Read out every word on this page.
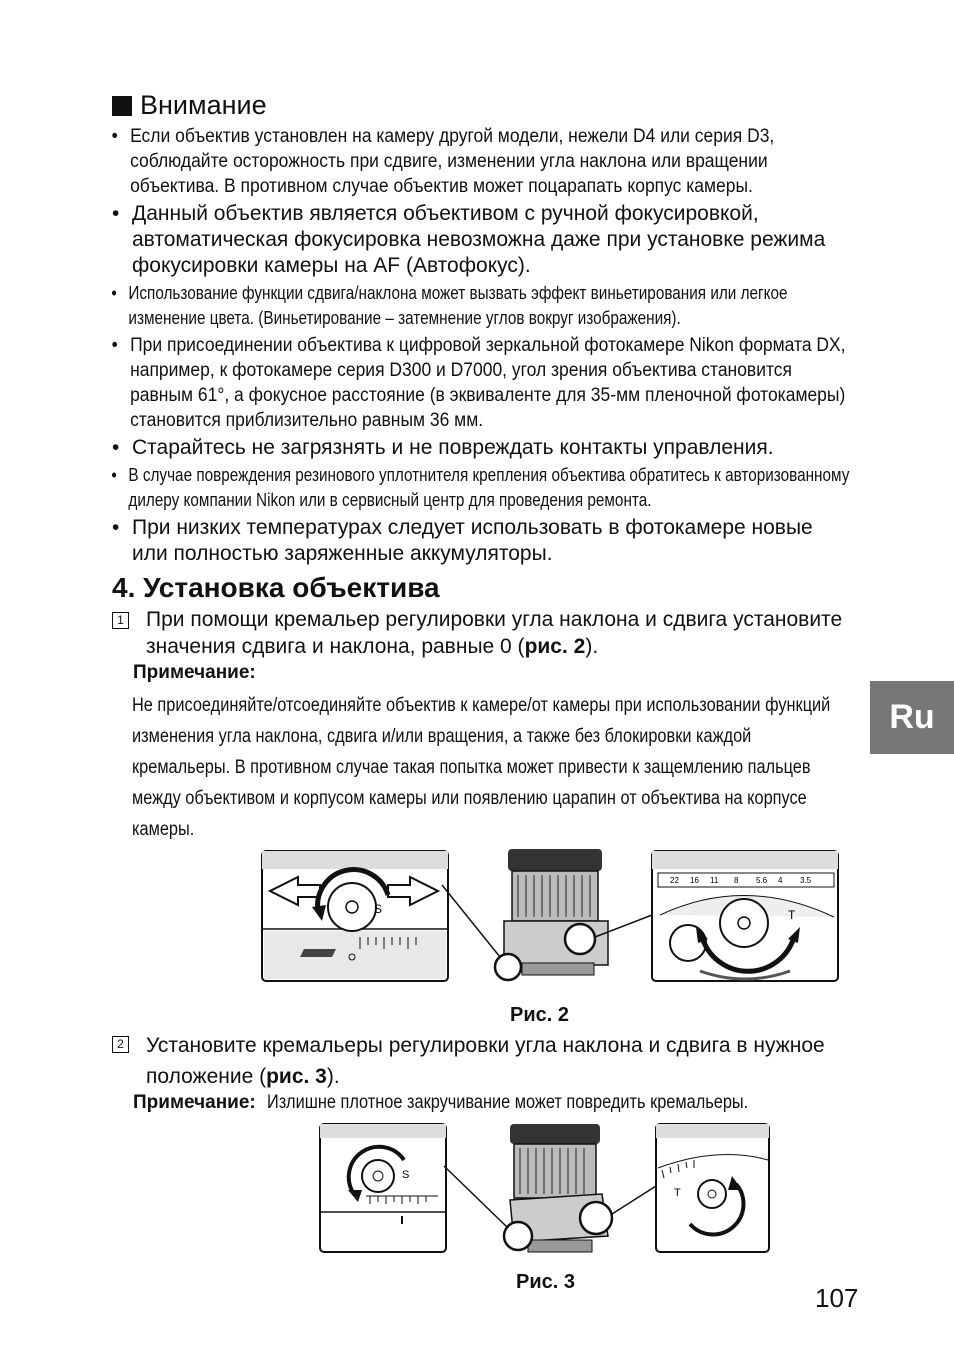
Внимание
• Если объектив установлен на камеру другой модели, нежели D4 или серия D3, соблюдайте осторожность при сдвиге, изменении угла наклона или вращении объектива. В противном случае объектив может поцарапать корпус камеры.
• Данный объектив является объективом с ручной фокусировкой, автоматическая фокусировка невозможна даже при установке режима фокусировки камеры на AF (Автофокус).
• Использование функции сдвига/наклона может вызвать эффект виньетирования или легкое изменение цвета. (Виньетирование – затемнение углов вокруг изображения).
• При присоединении объектива к цифровой зеркальной фотокамере Nikon формата DX, например, к фотокамере серия D300 и D7000, угол зрения объектива становится равным 61°, а фокусное расстояние (в эквиваленте для 35-мм пленочной фотокамеры) становится приблизительно равным 36 мм.
• Старайтесь не загрязнять и не повреждать контакты управления.
• В случае повреждения резинового уплотнителя крепления объектива обратитесь к авторизованному дилеру компании Nikon или в сервисный центр для проведения ремонта.
• При низких температурах следует использовать в фотокамере новые или полностью заряженные аккумуляторы.
4. Установка объектива
1 При помощи кремальер регулировки угла наклона и сдвига установите значения сдвига и наклона, равные 0 (рис. 2).
Примечание:
Не присоединяйте/отсоединяйте объектив к камере/от камеры при использовании функций изменения угла наклона, сдвига и/или вращения, а также без блокировки каждой кремальеры. В противном случае такая попытка может привести к защемлению пальцев между объективом и корпусом камеры или появлению царапин от объектива на корпусе камеры.
S
22 16 11 8 5.6 4 3.5
T
Рис. 2
2 Установите кремальеры регулировки угла наклона и сдвига в нужное положение (рис. 3).
Примечание: Излишне плотное закручивание может повредить кремальеры.
S
T
Рис. 3
Ru
107
